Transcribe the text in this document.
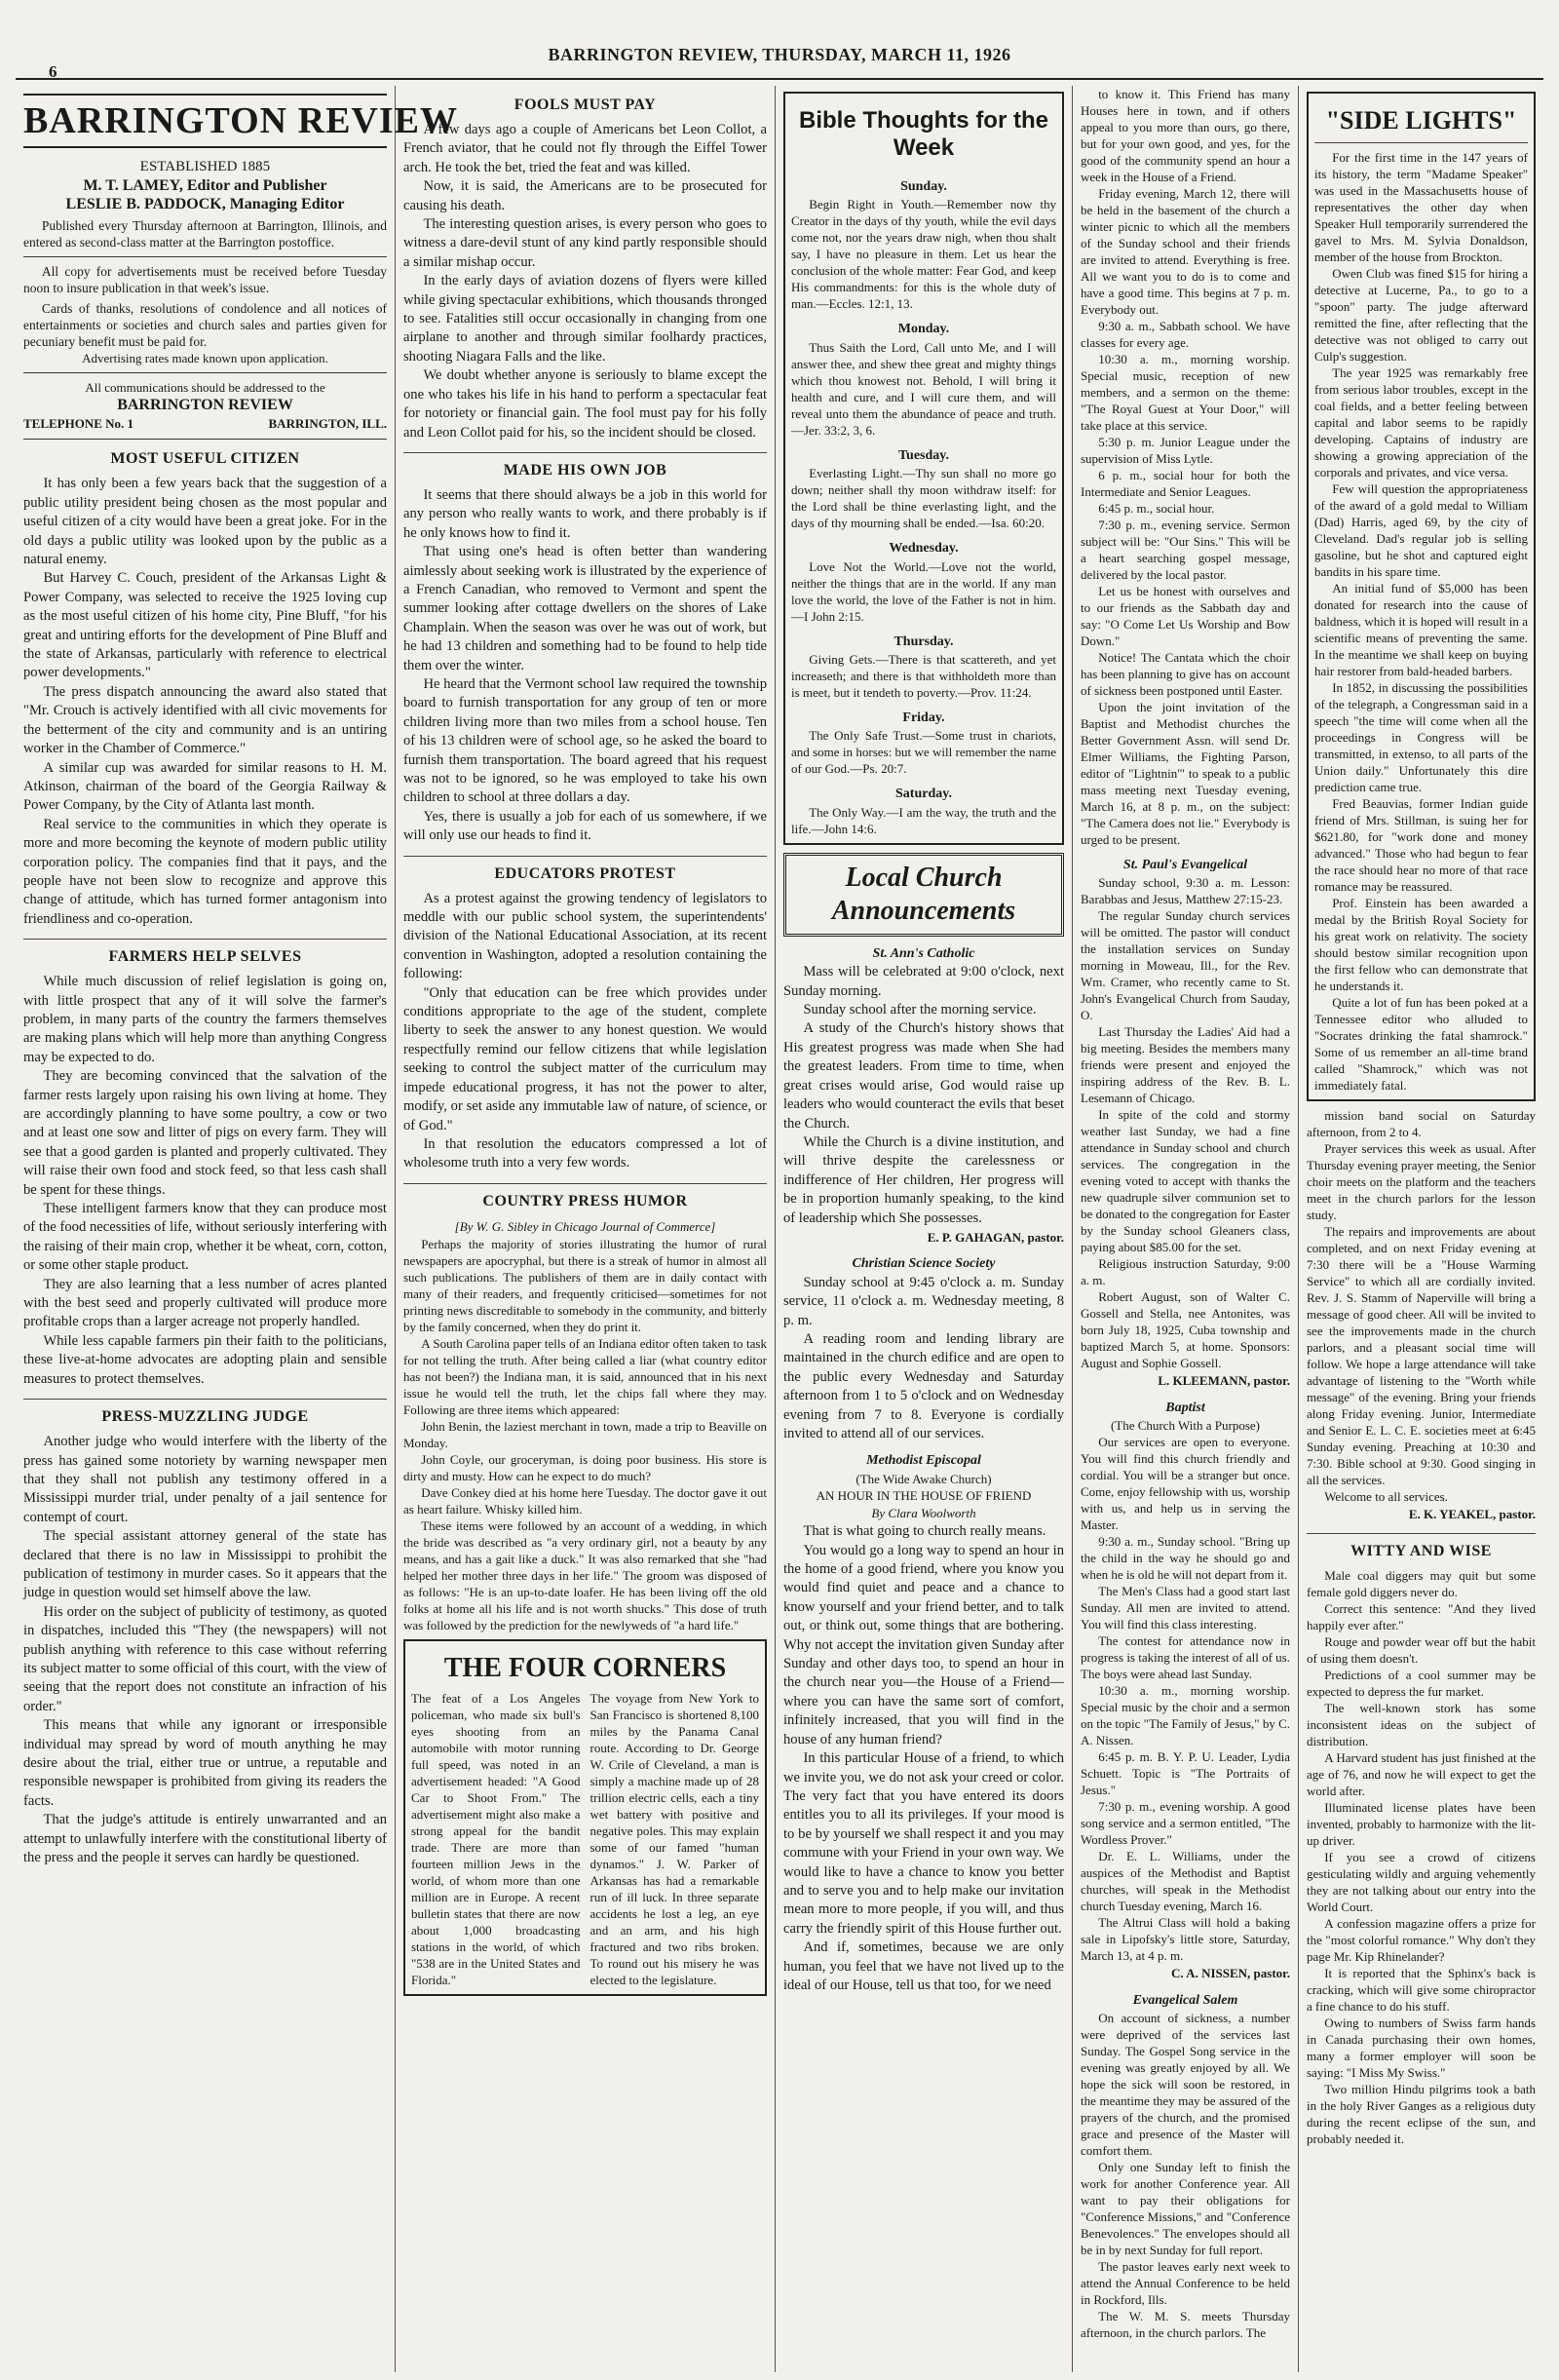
6
BARRINGTON REVIEW, THURSDAY, MARCH 11, 1926
BARRINGTON REVIEW
ESTABLISHED 1885
M. T. LAMEY, Editor and Publisher
LESLIE B. PADDOCK, Managing Editor

Published every Thursday afternoon at Barrington, Illinois, and entered as second-class matter at the Barrington postoffice.

All copy for advertisements must be received before Tuesday noon to insure publication in that week's issue.

Cards of thanks, resolutions of condolence and all notices of entertainments or societies and church sales and parties given for pecuniary benefit must be paid for.

Advertising rates made known upon application.
All communications should be addressed to the
BARRINGTON REVIEW
TELEPHONE No. 1	BARRINGTON, ILL.
MOST USEFUL CITIZEN

It has only been a few years back that the suggestion of a public utility president being chosen as the most popular and useful citizen of a city would have been a great joke. For in the old days a public utility was looked upon by the public as a natural enemy.

But Harvey C. Couch, president of the Arkansas Light & Power Company, was selected to receive the 1925 loving cup as the most useful citizen of his home city, Pine Bluff, "for his great and untiring efforts for the development of Pine Bluff and the state of Arkansas, particularly with reference to electrical power developments."

The press dispatch announcing the award also stated that "Mr. Crouch is actively identified with all civic movements for the betterment of the city and community and is an untiring worker in the Chamber of Commerce."

A similar cup was awarded for similar reasons to H. M. Atkinson, chairman of the board of the Georgia Railway & Power Company, by the City of Atlanta last month.

Real service to the communities in which they operate is more and more becoming the keynote of modern public utility corporation policy. The companies find that it pays, and the people have not been slow to recognize and approve this change of attitude, which has turned former antagonism into friendliness and co-operation.

FARMERS HELP SELVES

While much discussion of relief legislation is going on, with little prospect that any of it will solve the farmer's problem, in many parts of the country the farmers themselves are making plans which will help more than anything Congress may be expected to do.

They are becoming convinced that the salvation of the farmer rests largely upon raising his own living at home. They are accordingly planning to have some poultry, a cow or two and at least one sow and litter of pigs on every farm. They will see that a good garden is planted and properly cultivated. They will raise their own food and stock feed, so that less cash shall be spent for these things.

These intelligent farmers know that they can produce most of the food necessities of life, without seriously interfering with the raising of their main crop, whether it be wheat, corn, cotton, or some other staple product.

They are also learning that a less number of acres planted with the best seed and properly cultivated will produce more profitable crops than a larger acreage not properly handled.

While less capable farmers pin their faith to the politicians, these live-at-home advocates are adopting plain and sensible measures to protect themselves.

PRESS-MUZZLING JUDGE

Another judge who would interfere with the liberty of the press has gained some notoriety by warning newspaper men that they shall not publish any testimony offered in a Mississippi murder trial, under penalty of a jail sentence for contempt of court.

The special assistant attorney general of the state has declared that there is no law in Mississippi to prohibit the publication of testimony in murder cases. So it appears that the judge in question would set himself above the law.

His order on the subject of publicity of testimony, as quoted in dispatches, included this "They (the newspapers) will not publish anything with reference to this case without referring its subject matter to some official of this court, with the view of seeing that the report does not constitute an infraction of his order."

This means that while any ignorant or irresponsible individual may spread by word of mouth anything he may desire about the trial, either true or untrue, a reputable and responsible newspaper is prohibited from giving its readers the facts.

That the judge's attitude is entirely unwarranted and an attempt to unlawfully interfere with the constitutional liberty of the press and the people it serves can hardly be questioned.

FOOLS MUST PAY

A few days ago a couple of Americans bet Leon Collot, a French aviator, that he could not fly through the Eiffel Tower arch. He took the bet, tried the feat and was killed.

Now, it is said, the Americans are to be prosecuted for causing his death.

The interesting question arises, is every person who goes to witness a dare-devil stunt of any kind partly responsible should a similar mishap occur.

In the early days of aviation dozens of flyers were killed while giving spectacular exhibitions, which thousands thronged to see. Fatalities still occur occasionally in changing from one airplane to another and through similar foolhardy practices, shooting Niagara Falls and the like.

We doubt whether anyone is seriously to blame except the one who takes his life in his hand to perform a spectacular feat for notoriety or financial gain. The fool must pay for his folly and Leon Collot paid for his, so the incident should be closed.

MADE HIS OWN JOB

It seems that there should always be a job in this world for any person who really wants to work, and there probably is if he only knows how to find it.

That using one's head is often better than wandering aimlessly about seeking work is illustrated by the experience of a French Canadian, who removed to Vermont and spent the summer looking after cottage dwellers on the shores of Lake Champlain. When the season was over he was out of work, but he had 13 children and something had to be found to help tide them over the winter.

He heard that the Vermont school law required the township board to furnish transportation for any group of ten or more children living more than two miles from a school house. Ten of his 13 children were of school age, so he asked the board to furnish them transportation. The board agreed that his request was not to be ignored, so he was employed to take his own children to school at three dollars a day.

Yes, there is usually a job for each of us somewhere, if we will only use our heads to find it.

EDUCATORS PROTEST

As a protest against the growing tendency of legislators to meddle with our public school system, the superintendents' division of the National Educational Association, at its recent convention in Washington, adopted a resolution containing the following:

"Only that education can be free which provides under conditions appropriate to the age of the student, complete liberty to seek the answer to any honest question. We would respectfully remind our fellow citizens that while legislation seeking to control the subject matter of the curriculum may impede educational progress, it has not the power to alter, modify, or set aside any immutable law of nature, of science, or of God."

In that resolution the educators compressed a lot of wholesome truth into a very few words.

COUNTRY PRESS HUMOR
[By W. G. Sibley in Chicago Journal of Commerce]

Perhaps the majority of stories illustrating the humor of rural newspapers are apocryphal, but there is a streak of humor in almost all such publications. The publishers of them are in daily contact with many of their readers, and frequently criticised—sometimes for not printing news discreditable to somebody in the community, and bitterly by the family concerned, when they do print it.

A South Carolina paper tells of an Indiana editor often taken to task for not telling the truth. After being called a liar (what country editor has not been?) the Indiana man, it is said, announced that in his next issue he would tell the truth, let the chips fall where they may. Following are three items which appeared:

John Benin, the laziest merchant in town, made a trip to Beaville on Monday.

John Coyle, our groceryman, is doing poor business. His store is dirty and musty. How can he expect to do much?

Dave Conkey died at his home here Tuesday. The doctor gave it out as heart failure. Whisky killed him.

These items were followed by an account of a wedding, in which the bride was described as "a very ordinary girl, not a beauty by any means, and has a gait like a duck." It was also remarked that she "had helped her mother three days in her life." The groom was disposed of as follows: "He is an up-to-date loafer. He has been living off the old folks at home all his life and is not worth shucks." This dose of truth was followed by the prediction for the newlyweds of "a hard life."

THE FOUR CORNERS
The feat of a Los Angeles policeman, who made six bull's eyes shooting from an automobile with motor running full speed, was noted in an advertisement headed: "A Good Car to Shoot From." The advertisement might also make a strong appeal for the bandit trade. There are more than fourteen million Jews in the world, of whom more than one million are in Europe. A recent bulletin states that there are now about 1,000 broadcasting stations in the world, of which "538 are in the United States and Florida."
The voyage from New York to San Francisco is shortened 8,100 miles by the Panama Canal route. According to Dr. George W. Crile of Cleveland, a man is simply a machine made up of 28 trillion electric cells, each a tiny wet battery with positive and negative poles. This may explain some of our famed "human dynamos." J. W. Parker of Arkansas has had a remarkable run of ill luck. In three separate accidents he lost a leg, an eye and an arm, and his high fractured and two ribs broken. To round out his misery he was elected to the legislature.
Bible Thoughts for the Week
Sunday.

Begin Right in Youth.—Remember now thy Creator in the days of thy youth, while the evil days come not, nor the years draw nigh, when thou shalt say, I have no pleasure in them. Let us hear the conclusion of the whole matter: Fear God, and keep His commandments: for this is the whole duty of man.—Eccles. 12:1, 13.

Monday.

Thus Saith the Lord, Call unto Me, and I will answer thee, and shew thee great and mighty things which thou knowest not. Behold, I will bring it health and cure, and I will cure them, and will reveal unto them the abundance of peace and truth.—Jer. 33:2, 3, 6.

Tuesday.

Everlasting Light.—Thy sun shall no more go down; neither shall thy moon withdraw itself: for the Lord shall be thine everlasting light, and the days of thy mourning shall be ended.—Isa. 60:20.

Wednesday.

Love Not the World.—Love not the world, neither the things that are in the world. If any man love the world, the love of the Father is not in him.—I John 2:15.

Thursday.

Giving Gets.—There is that scattereth, and yet increaseth; and there is that withholdeth more than is meet, but it tendeth to poverty.—Prov. 11:24.

Friday.

The Only Safe Trust.—Some trust in chariots, and some in horses: but we will remember the name of our God.—Ps. 20:7.

Saturday.

The Only Way.—I am the way, the truth and the life.—John 14:6.

Local Church Announcements
St. Ann's Catholic

Mass will be celebrated at 9:00 o'clock, next Sunday morning.

Sunday school after the morning service.

A study of the Church's history shows that His greatest progress was made when She had the greatest leaders. From time to time, when great crises would arise, God would raise up leaders who would counteract the evils that beset the Church.

While the Church is a divine institution, and will thrive despite the carelessness or indifference of Her children, Her progress will be in proportion humanly speaking, to the kind of leadership which She possesses.

E. P. GAHAGAN, pastor.
Christian Science Society

Sunday school at 9:45 o'clock a. m. Sunday service, 11 o'clock a. m. Wednesday meeting, 8 p. m.

A reading room and lending library are maintained in the church edifice and are open to the public every Wednesday and Saturday afternoon from 1 to 5 o'clock and on Wednesday evening from 7 to 8. Everyone is cordially invited to attend all of our services.

Methodist Episcopal
(The Wide Awake Church)
AN HOUR IN THE HOUSE OF FRIEND
By Clara Woolworth

That is what going to church really means.

You would go a long way to spend an hour in the home of a good friend, where you know you would find quiet and peace and a chance to know yourself and your friend better, and to talk out, or think out, some things that are bothering. Why not accept the invitation given Sunday after Sunday and other days too, to spend an hour in the church near you—the House of a Friend—where you can have the same sort of comfort, infinitely increased, that you will find in the house of any human friend?

In this particular House of a friend, to which we invite you, we do not ask your creed or color. The very fact that you have entered its doors entitles you to all its privileges. If your mood is to be by yourself we shall respect it and you may commune with your Friend in your own way. We would like to have a chance to know you better and to serve you and to help make our invitation mean more to more people, if you will, and thus carry the friendly spirit of this House further out.

And if, sometimes, because we are only human, you feel that we have not lived up to the ideal of our House, tell us that too, for we need

to know it. This Friend has many Houses here in town, and if others appeal to you more than ours, go there, but for your own good, and yes, for the good of the community spend an hour a week in the House of a Friend.

Friday evening, March 12, there will be held in the basement of the church a winter picnic to which all the members of the Sunday school and their friends are invited to attend. Everything is free. All we want you to do is to come and have a good time. This begins at 7 p. m. Everybody out.

9:30 a. m., Sabbath school. We have classes for every age.

10:30 a. m., morning worship. Special music, reception of new members, and a sermon on the theme: "The Royal Guest at Your Door," will take place at this service.

5:30 p. m. Junior League under the supervision of Miss Lytle.

6 p. m., social hour for both the Intermediate and Senior Leagues.

6:45 p. m., social hour.

7:30 p. m., evening service. Sermon subject will be: "Our Sins." This will be a heart searching gospel message, delivered by the local pastor.

Let us be honest with ourselves and to our friends as the Sabbath day and say: "O Come Let Us Worship and Bow Down."

Notice! The Cantata which the choir has been planning to give has on account of sickness been postponed until Easter.

Upon the joint invitation of the Baptist and Methodist churches the Better Government Assn. will send Dr. Elmer Williams, the Fighting Parson, editor of "Lightnin'" to speak to a public mass meeting next Tuesday evening, March 16, at 8 p. m., on the subject: "The Camera does not lie." Everybody is urged to be present.

St. Paul's Evangelical

Sunday school, 9:30 a. m. Lesson: Barabbas and Jesus, Matthew 27:15-23.

The regular Sunday church services will be omitted. The pastor will conduct the installation services on Sunday morning in Moweau, Ill., for the Rev. Wm. Cramer, who recently came to St. John's Evangelical Church from Sauday, O.

Last Thursday the Ladies' Aid had a big meeting. Besides the members many friends were present and enjoyed the inspiring address of the Rev. B. L. Lesemann of Chicago.

In spite of the cold and stormy weather last Sunday, we had a fine attendance in Sunday school and church services. The congregation in the evening voted to accept with thanks the new quadruple silver communion set to be donated to the congregation for Easter by the Sunday school Gleaners class, paying about $85.00 for the set.

Religious instruction Saturday, 9:00 a. m.

Robert August, son of Walter C. Gossell and Stella, nee Antonites, was born July 18, 1925, Cuba township and baptized March 5, at home. Sponsors: August and Sophie Gossell.

L. KLEEMANN, pastor.
Baptist
(The Church With a Purpose)

Our services are open to everyone. You will find this church friendly and cordial. You will be a stranger but once. Come, enjoy fellowship with us, worship with us, and help us in serving the Master.

9:30 a. m., Sunday school. "Bring up the child in the way he should go and when he is old he will not depart from it.

The Men's Class had a good start last Sunday. All men are invited to attend. You will find this class interesting.

The contest for attendance now in progress is taking the interest of all of us. The boys were ahead last Sunday.

10:30 a. m., morning worship. Special music by the choir and a sermon on the topic "The Family of Jesus," by C. A. Nissen.

6:45 p. m. B. Y. P. U. Leader, Lydia Schuett. Topic is "The Portraits of Jesus."

7:30 p. m., evening worship. A good song service and a sermon entitled, "The Wordless Prover."

Dr. E. L. Williams, under the auspices of the Methodist and Baptist churches, will speak in the Methodist church Tuesday evening, March 16.

The Altrui Class will hold a baking sale in Lipofsky's little store, Saturday, March 13, at 4 p. m.

C. A. NISSEN, pastor.
Evangelical Salem

On account of sickness, a number were deprived of the services last Sunday. The Gospel Song service in the evening was greatly enjoyed by all. We hope the sick will soon be restored, in the meantime they may be assured of the prayers of the church, and the promised grace and presence of the Master will comfort them.

Only one Sunday left to finish the work for another Conference year. All want to pay their obligations for "Conference Missions," and "Conference Benevolences." The envelopes should all be in by next Sunday for full report.

The pastor leaves early next week to attend the Annual Conference to be held in Rockford, Ills.

The W. M. S. meets Thursday afternoon, in the church parlors. The

"SIDE LIGHTS"

For the first time in the 147 years of its history, the term "Madame Speaker" was used in the Massachusetts house of representatives the other day when Speaker Hull temporarily surrendered the gavel to Mrs. M. Sylvia Donaldson, member of the house from Brockton.

Owen Club was fined $15 for hiring a detective at Lucerne, Pa., to go to a "spoon" party. The judge afterward remitted the fine, after reflecting that the detective was not obliged to carry out Culp's suggestion.

The year 1925 was remarkably free from serious labor troubles, except in the coal fields, and a better feeling between capital and labor seems to be rapidly developing. Captains of industry are showing a growing appreciation of the corporals and privates, and vice versa.

Few will question the appropriateness of the award of a gold medal to William (Dad) Harris, aged 69, by the city of Cleveland. Dad's regular job is selling gasoline, but he shot and captured eight bandits in his spare time.

An initial fund of $5,000 has been donated for research into the cause of baldness, which it is hoped will result in a scientific means of preventing the same. In the meantime we shall keep on buying hair restorer from bald-headed barbers.

In 1852, in discussing the possibilities of the telegraph, a Congressman said in a speech "the time will come when all the proceedings in Congress will be transmitted, in extenso, to all parts of the Union daily." Unfortunately this dire prediction came true.

Fred Beauvias, former Indian guide friend of Mrs. Stillman, is suing her for $621.80, for "work done and money advanced." Those who had begun to fear the race should hear no more of that race romance may be reassured.

Prof. Einstein has been awarded a medal by the British Royal Society for his great work on relativity. The society should bestow similar recognition upon the first fellow who can demonstrate that he understands it.

Quite a lot of fun has been poked at a Tennessee editor who alluded to "Socrates drinking the fatal shamrock." Some of us remember an all-time brand called "Shamrock," which was not immediately fatal.

mission band social on Saturday afternoon, from 2 to 4.

Prayer services this week as usual. After Thursday evening prayer meeting, the Senior choir meets on the platform and the teachers meet in the church parlors for the lesson study.

The repairs and improvements are about completed, and on next Friday evening at 7:30 there will be a "House Warming Service" to which all are cordially invited. Rev. J. S. Stamm of Naperville will bring a message of good cheer. All will be invited to see the improvements made in the church parlors, and a pleasant social time will follow. We hope a large attendance will take advantage of listening to the "Worth while message" of the evening. Bring your friends along Friday evening. Junior, Intermediate and Senior E. L. C. E. societies meet at 6:45 Sunday evening. Preaching at 10:30 and 7:30. Bible school at 9:30. Good singing in all the services.

Welcome to all services.

E. K. YEAKEL, pastor.
WITTY AND WISE

Male coal diggers may quit but some female gold diggers never do.

Correct this sentence: "And they lived happily ever after."

Rouge and powder wear off but the habit of using them doesn't.

Predictions of a cool summer may be expected to depress the fur market.

The well-known stork has some inconsistent ideas on the subject of distribution.

A Harvard student has just finished at the age of 76, and now he will expect to get the world after.

Illuminated license plates have been invented, probably to harmonize with the lit-up driver.

If you see a crowd of citizens gesticulating wildly and arguing vehemently they are not talking about our entry into the World Court.

A confession magazine offers a prize for the "most colorful romance." Why don't they page Mr. Kip Rhinelander?

It is reported that the Sphinx's back is cracking, which will give some chiropractor a fine chance to do his stuff.

Owing to numbers of Swiss farm hands in Canada purchasing their own homes, many a former employer will soon be saying: "I Miss My Swiss."

Two million Hindu pilgrims took a bath in the holy River Ganges as a religious duty during the recent eclipse of the sun, and probably needed it.
